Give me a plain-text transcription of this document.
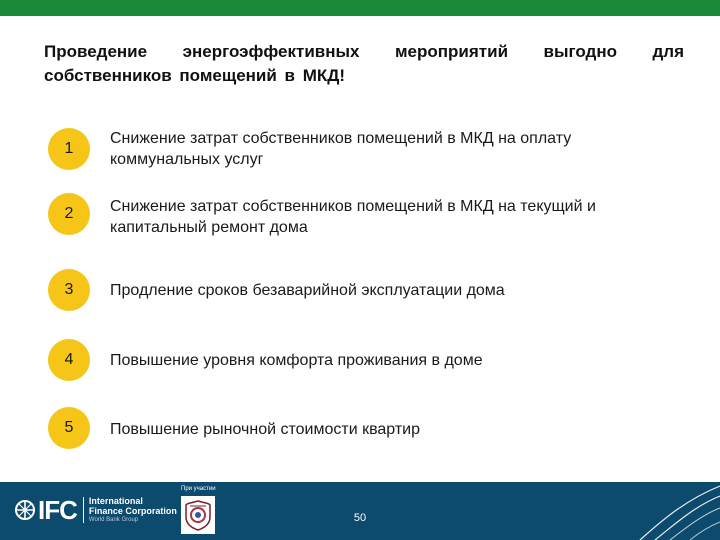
Проведение энергоэффективных мероприятий выгодно для собственников помещений в МКД!
1
Снижение затрат собственников помещений в МКД на оплату коммунальных услуг
2	Снижение затрат собственников помещений в МКД на текущий и капитальный ремонт дома
3	Продление сроков безаварийной эксплуатации дома
4	Повышение уровня комфорта проживания в доме
5	Повышение рыночной стоимости квартир
IFC International
Finance Corporation
World Bank Group
При участии
50
